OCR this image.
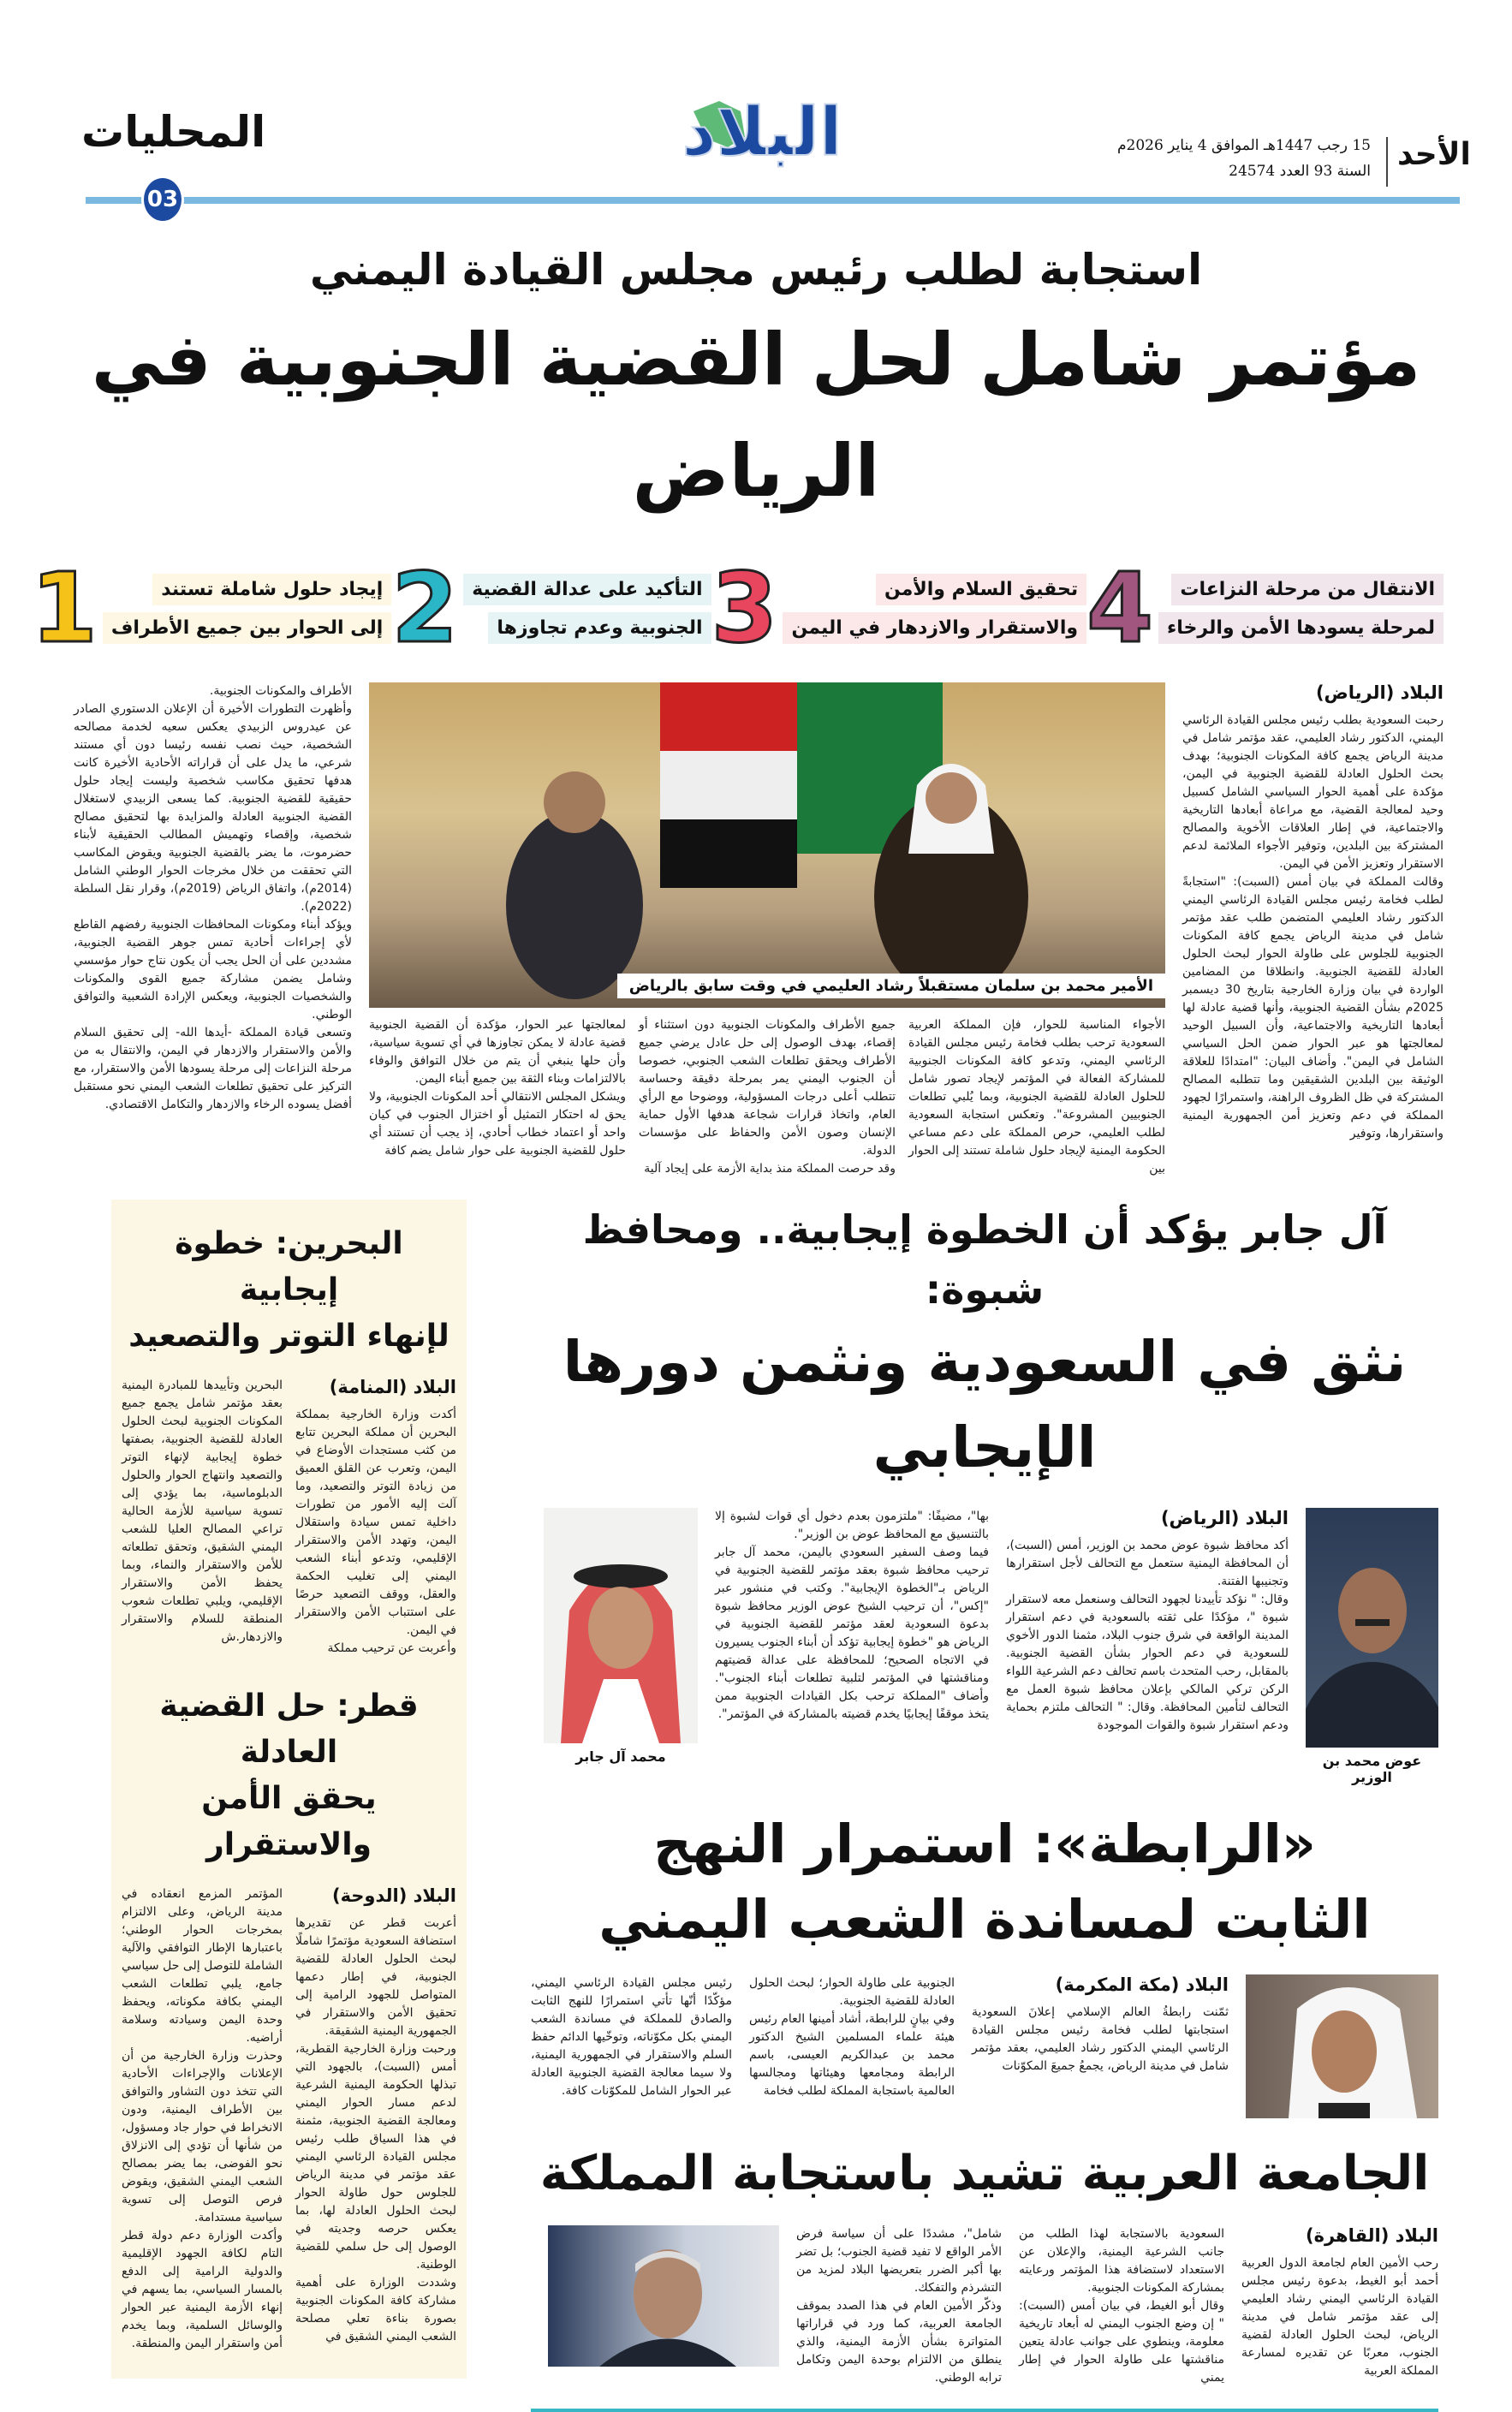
المحليات	البلاد	15 رجب 1447هـ الموافق 4 يناير 2026م
السنة 93 العدد 24574 الأحد
03
استجابة لطلب رئيس مجلس القيادة اليمني
مؤتمر شامل لحل القضية الجنوبية في الرياض
الانتقال من مرحلة النزاعات
لمرحلة يسودها الأمن والرخاء
4
تحقيق السلام والأمن
والاستقرار والازدهار في اليمن
3
التأكيد على عدالة القضية
الجنوبية وعدم تجاوزها
2
إيجاد حلول شاملة تستند
إلى الحوار بين جميع الأطراف
1
البلاد (الرياض)

رحبت السعودية بطلب رئيس مجلس القيادة الرئاسي اليمني، الدكتور رشاد العليمي، عقد مؤتمر شامل في مدينة الرياض يجمع كافة المكونات الجنوبية؛ بهدف بحث الحلول العادلة للقضية الجنوبية في اليمن، مؤكدة على أهمية الحوار السياسي الشامل كسبيل وحيد لمعالجة القضية، مع مراعاة أبعادها التاريخية والاجتماعية، في إطار العلاقات الأخوية والمصالح المشتركة بين البلدين، وتوفير الأجواء الملائمة لدعم الاستقرار وتعزيز الأمن في اليمن.

وقالت المملكة في بيان أمس (السبت): "استجابةً لطلب فخامة رئيس مجلس القيادة الرئاسي اليمني الدكتور رشاد العليمي المتضمن طلب عقد مؤتمر شامل في مدينة الرياض يجمع كافة المكونات الجنوبية للجلوس على طاولة الحوار لبحث الحلول العادلة للقضية الجنوبية. وانطلاقا من المضامين الواردة في بيان وزارة الخارجية بتاريخ 30 ديسمبر 2025م بشأن القضية الجنوبية، وأنها قضية عادلة لها أبعادها التاريخية والاجتماعية، وأن السبيل الوحيد لمعالجتها هو عبر الحوار ضمن الحل السياسي الشامل في اليمن". وأضاف البيان: "امتدادًا للعلاقة الوثيقة بين البلدين الشقيقين وما تتطلبه المصالح المشتركة في ظل الظروف الراهنة، واستمرارًا لجهود المملكة في دعم وتعزيز أمن الجمهورية اليمنية واستقرارها، وتوفير

الأمير محمد بن سلمان مستقبلاً رشاد العليمي في وقت سابق بالرياض
الأجواء المناسبة للحوار، فإن المملكة العربية السعودية ترحب بطلب فخامة رئيس مجلس القيادة الرئاسي اليمني، وتدعو كافة المكونات الجنوبية للمشاركة الفعالة في المؤتمر لإيجاد تصور شامل للحلول العادلة للقضية الجنوبية، وبما يُلبي تطلعات الجنوبيين المشروعة". وتعكس استجابة السعودية لطلب العليمي، حرص المملكة على دعم مساعي الحكومة اليمنية لإيجاد حلول شاملة تستند إلى الحوار بين

جميع الأطراف والمكونات الجنوبية دون استثناء أو إقصاء، بهدف الوصول إلى حل عادل يرضي جميع الأطراف ويحقق تطلعات الشعب الجنوبي، خصوصا أن الجنوب اليمني يمر بمرحلة دقيقة وحساسة تتطلب أعلى درجات المسؤولية، ووضوحا مع الرأي العام، واتخاذ قرارات شجاعة هدفها الأول حماية الإنسان وصون الأمن والحفاظ على مؤسسات الدولة.

وقد حرصت المملكة منذ بداية الأزمة على إيجاد آلية

لمعالجتها عبر الحوار، مؤكدة أن القضية الجنوبية قضية عادلة لا يمكن تجاوزها في أي تسوية سياسية، وأن حلها ينبغي أن يتم من خلال التوافق والوفاء بالالتزامات وبناء الثقة بين جميع أبناء اليمن.

ويشكل المجلس الانتقالي أحد المكونات الجنوبية، ولا يحق له احتكار التمثيل أو اختزال الجنوب في كيان واحد أو اعتماد خطاب أحادي، إذ يجب أن تستند أي حلول للقضية الجنوبية على حوار شامل يضم كافة

الأطراف والمكونات الجنوبية.

وأظهرت التطورات الأخيرة أن الإعلان الدستوري الصادر عن عيدروس الزبيدي يعكس سعيه لخدمة مصالحه الشخصية، حيث نصب نفسه رئيسا دون أي مستند شرعي، ما يدل على أن قراراته الأحادية الأخيرة كانت هدفها تحقيق مكاسب شخصية وليست إيجاد حلول حقيقية للقضية الجنوبية. كما يسعى الزبيدي لاستغلال القضية الجنوبية العادلة والمزايدة بها لتحقيق مصالح شخصية، وإقصاء وتهميش المطالب الحقيقية لأبناء حضرموت، ما يضر بالقضية الجنوبية ويقوض المكاسب التي تحققت من خلال مخرجات الحوار الوطني الشامل (2014م)، واتفاق الرياض (2019م)، وقرار نقل السلطة (2022م).

ويؤكد أبناء ومكونات المحافظات الجنوبية رفضهم القاطع لأي إجراءات أحادية تمس جوهر القضية الجنوبية، مشددين على أن الحل يجب أن يكون نتاج حوار مؤسسي وشامل يضمن مشاركة جميع القوى والمكونات والشخصيات الجنوبية، ويعكس الإرادة الشعبية والتوافق الوطني.

وتسعى قيادة المملكة -أيدها الله- إلى تحقيق السلام والأمن والاستقرار والازدهار في اليمن، والانتقال به من مرحلة النزاعات إلى مرحلة يسودها الأمن والاستقرار، مع التركيز على تحقيق تطلعات الشعب اليمني نحو مستقبل أفضل يسوده الرخاء والازدهار والتكامل الاقتصادي.

آل جابر يؤكد أن الخطوة إيجابية.. ومحافظ شبوة:
نثق في السعودية ونثمن دورها الإيجابي
عوض محمد بن الوزير
البلاد (الرياض)

أكد محافظ شبوة عوض محمد بن الوزير، أمس (السبت)، أن المحافظة اليمنية ستعمل مع التحالف لأجل استقرارها وتجنيبها الفتنة.

وقال: " نؤكد تأييدنا لجهود التحالف وسنعمل معه لاستقرار شبوة "، مؤكدًا على ثقته بالسعودية في دعم استقرار المدينة الواقعة في شرق جنوب البلاد، مثمنا الدور الأخوي للسعودية في دعم الحوار بشأن القضية الجنوبية. بالمقابل، رحب المتحدث باسم تحالف دعم الشرعية اللواء الركن تركي المالكي بإعلان محافظ شبوة العمل مع التحالف لتأمين المحافظة. وقال: " التحالف ملتزم بحماية ودعم استقرار شبوة والقوات الموجودة

بها"، مضيفًا: "ملتزمون بعدم دخول أي قوات لشبوة إلا بالتنسيق مع المحافظ عوض بن الوزير".

فيما وصف السفير السعودي باليمن، محمد آل جابر ترحيب محافظ شبوة بعقد مؤتمر للقضية الجنوبية في الرياض بـ"الخطوة الإيجابية". وكتب في منشور عبر "إكس"، أن ترحيب الشيخ عوض الوزير محافظ شبوة بدعوة السعودية لعقد مؤتمر للقضية الجنوبية في الرياض هو "خطوة إيجابية تؤكد أن أبناء الجنوب يسيرون في الاتجاه الصحيح؛ للمحافظة على عدالة قضيتهم ومناقشتها في المؤتمر لتلبية تطلعات أبناء الجنوب". وأضاف "المملكة ترحب بكل القيادات الجنوبية ممن يتخذ موقفًا إيجابيًا يخدم قضيته بالمشاركة في المؤتمر".

محمد آل جابر
«الرابطة»: استمرار النهج
الثابت لمساندة الشعب اليمني
البلاد (مكة المكرمة)
ثمّنت رابطةُ العالم الإسلامي إعلانَ السعودية استجابتها لطلب فخامة رئيس مجلس القيادة الرئاسي اليمني الدكتور رشاد العليمي، بعقد مؤتمر شامل في مدينة الرياض، يجمعُ جميعَ المكوّنات

الجنوبية على طاولة الحوار؛ لبحث الحلول العادلة للقضية الجنوبية.

وفي بيانٍ للرابطة، أشاد أمينها العام رئيس هيئة علماء المسلمين الشيخ الدكتور محمد بن عبدالكريم العيسى، باسم الرابطة ومجامعها وهيئاتها ومجالسها العالمية باستجابة المملكة لطلب فخامة

رئيس مجلس القيادة الرئاسي اليمني، مؤكّدًا أنّها تأتي استمرارًا للنهج الثابت والصادق للمملكة في مساندة الشعب اليمني بكل مكوّناته، وتوخّيها الدائم حفظ السلم والاستقرار في الجمهورية اليمنية، ولا سيما معالجة القضية الجنوبية العادلة عبر الحوار الشامل للمكوّنات كافة.
الجامعة العربية تشيد باستجابة المملكة
البلاد (القاهرة)
رحب الأمين العام لجامعة الدول العربية أحمد أبو الغيط، بدعوة رئيس مجلس القيادة الرئاسي اليمني رشاد العليمي إلى عقد مؤتمر شامل في مدينة الرياض، لبحث الحلول العادلة لقضية الجنوب، معربًا عن تقديره لمسارعة المملكة العربية

السعودية بالاستجابة لهذا الطلب من جانب الشرعية اليمنية، والإعلان عن الاستعداد لاستضافة هذا المؤتمر ورعايته بمشاركة المكونات الجنوبية.

وقال أبو الغيط، في بيان أمس (السبت): " إن وضع الجنوب اليمني له أبعاد تاريخية معلومة، وينطوي على جوانب عادلة يتعين مناقشتها على طاولة الحوار في إطار يمني

شامل"، مشددًا على أن سياسة فرض الأمر الواقع لا تفيد قضية الجنوب؛ بل تضر بها أكبر الضرر بتعريضها البلاد لمزيد من التشرذم والتفكك.

وذكّر الأمين العام في هذا الصدد بموقف الجامعة العربية، كما ورد في قراراتها المتواترة بشأن الأزمة اليمنية، والذي ينطلق من الالتزام بوحدة اليمن وتكامل ترابه الوطني.

البحرين: خطوة إيجابية
لإنهاء التوتر والتصعيد
البلاد (المنامة)

أكدت وزارة الخارجية بمملكة البحرين أن مملكة البحرين تتابع من كثب مستجدات الأوضاع في اليمن، وتعرب عن القلق العميق من زيادة التوتر والتصعيد، وما آلت إليه الأمور من تطورات داخلية تمس سيادة واستقلال اليمن، وتهدد الأمن والاستقرار الإقليمي، وتدعو أبناء الشعب اليمني إلى تغليب الحكمة والعقل، ووقف التصعيد حرصًا على استتباب الأمن والاستقرار في اليمن.

وأعربت عن ترحيب مملكة

البحرين وتأييدها للمبادرة اليمنية بعقد مؤتمر شامل يجمع جميع المكونات الجنوبية لبحث الحلول العادلة للقضية الجنوبية، بصفتها خطوة إيجابية لإنهاء التوتر والتصعيد وانتهاج الحوار والحلول الدبلوماسية، بما يؤدي إلى تسوية سياسية للأزمة الحالية تراعي المصالح العليا للشعب اليمني الشقيق، وتحقق تطلعاته للأمن والاستقرار والنماء، وبما يحفظ الأمن والاستقرار الإقليمي، ويلبي تطلعات شعوب المنطقة للسلام والاستقرار والازدهار.ش
قطر: حل القضية العادلة
يحقق الأمن والاستقرار
البلاد (الدوحة)

أعربت قطر عن تقديرها استضافة السعودية مؤتمرًا شاملًا لبحث الحلول العادلة للقضية الجنوبية، في إطار دعمها المتواصل للجهود الرامية إلى تحقيق الأمن والاستقرار في الجمهورية اليمنية الشقيقة.

ورحبت وزارة الخارجية القطرية، أمس (السبت)، بالجهود التي تبذلها الحكومة اليمنية الشرعية لدعم مسار الحوار اليمني ومعالجة القضية الجنوبية، مثمنة في هذا السياق طلب رئيس مجلس القيادة الرئاسي اليمني عقد مؤتمر في مدينة الرياض للجلوس حول طاولة الحوار لبحث الحلول العادلة لها، بما يعكس حرصه وجديته في الوصول إلى حل سلمي للقضية الوطنية.

وشددت الوزارة على أهمية مشاركة كافة المكونات الجنوبية بصورة بناءة تعلي مصلحة الشعب اليمني الشقيق في

المؤتمر المزمع انعقاده في مدينة الرياض، وعلى الالتزام بمخرجات الحوار الوطني؛ باعتبارها الإطار التوافقي والآلية الشاملة للتوصل إلى حل سياسي جامع، يلبي تطلعات الشعب اليمني بكافة مكوناته، ويحفظ وحدة اليمن وسيادته وسلامة أراضيه.

وحذرت وزارة الخارجية من أن الإعلانات والإجراءات الأحادية التي تتخذ دون التشاور والتوافق بين الأطراف اليمنية، ودون الانخراط في حوار جاد ومسؤول، من شأنها أن تؤدي إلى الانزلاق نحو الفوضى، بما يضر بمصالح الشعب اليمني الشقيق، ويقوض فرص التوصل إلى تسوية سياسية مستدامة.

وأكدت الوزارة دعم دولة قطر التام لكافة الجهود الإقليمية والدولية الرامية إلى الدفع بالمسار السياسي، بما يسهم في إنهاء الأزمة اليمنية عبر الحوار والوسائل السلمية، وبما يخدم أمن واستقرار اليمن والمنطقة.
